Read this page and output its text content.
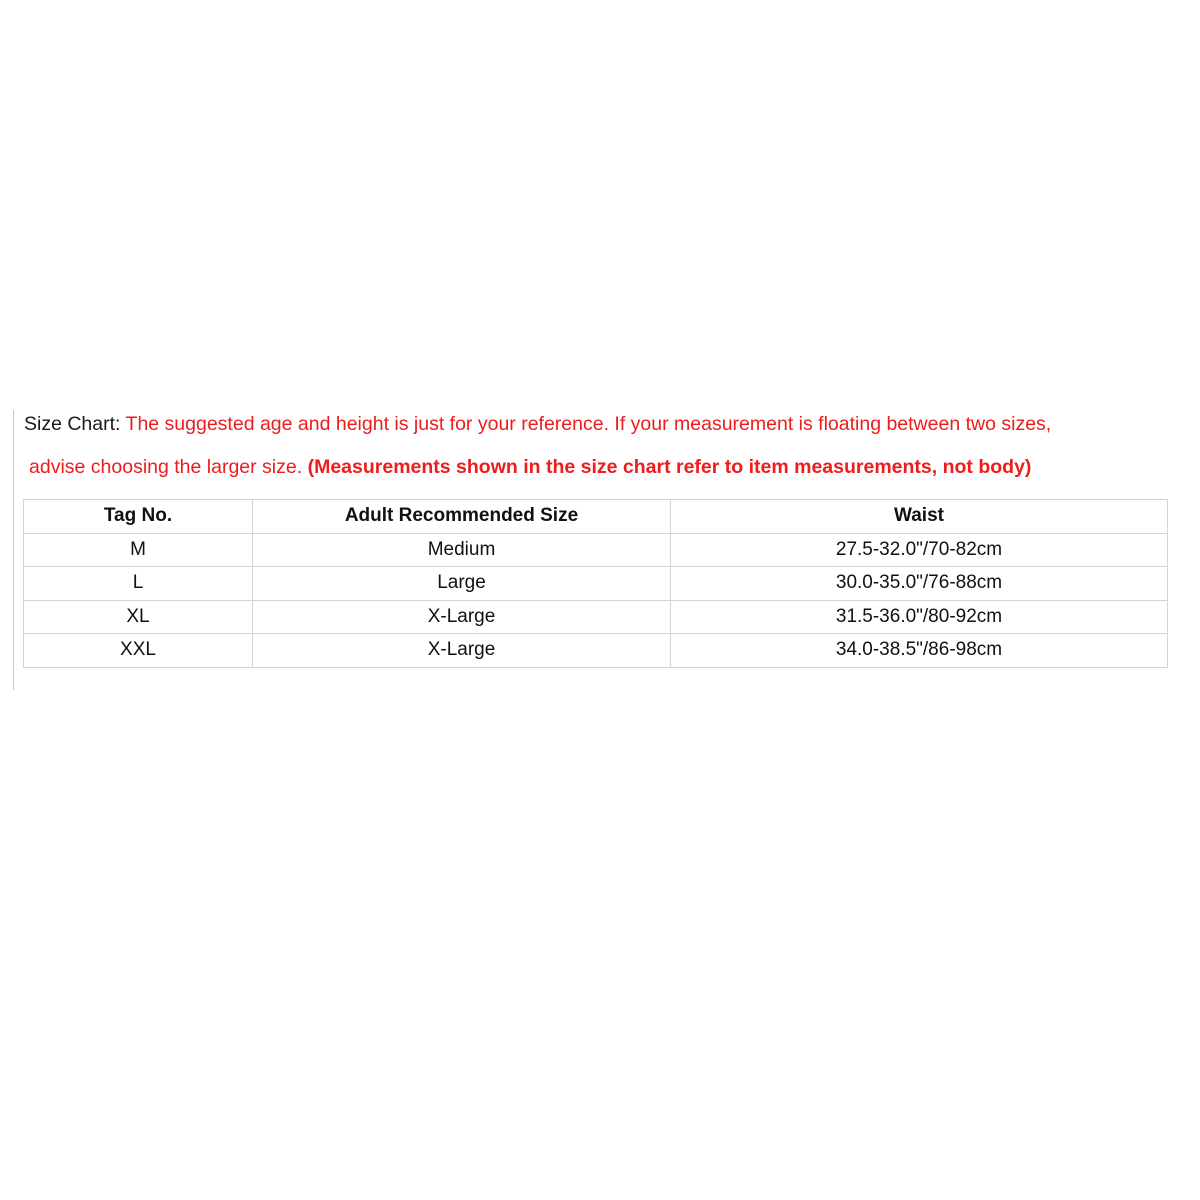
Size Chart: The suggested age and height is just for your reference. If your measurement is floating between two sizes,
advise choosing the larger size. (Measurements shown in the size chart refer to item measurements, not body)
Tag No.	Adult Recommended Size	Waist
M	Medium	27.5-32.0"/70-82cm
L	Large	30.0-35.0"/76-88cm
XL	X-Large	31.5-36.0"/80-92cm
XXL	X-Large	34.0-38.5"/86-98cm
